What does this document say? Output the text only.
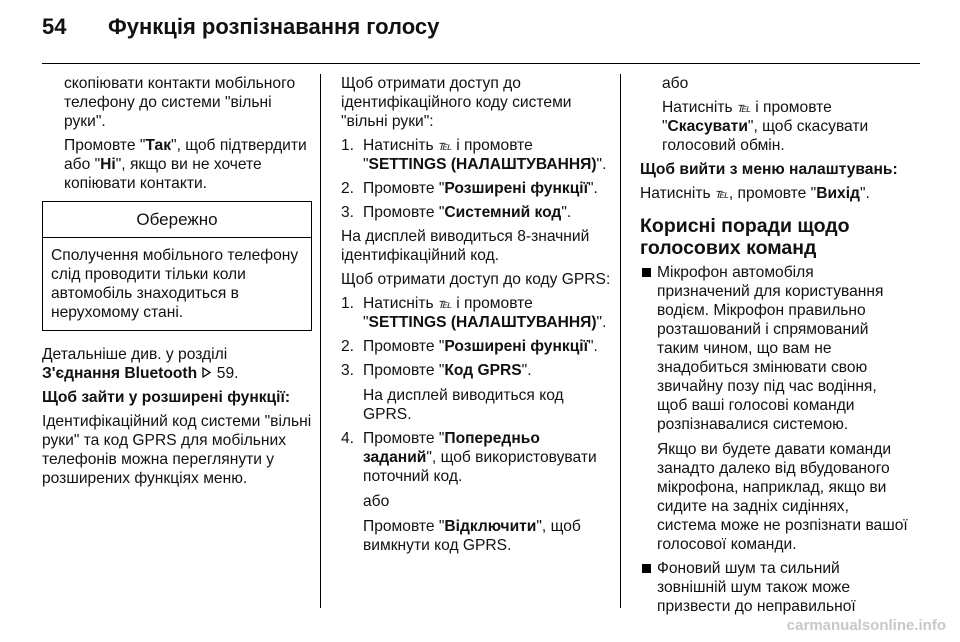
54	Функція розпізнавання голосу

скопіювати контакти мобільного телефону до системи "вільні руки".

Промовте "Так", щоб підтвердити або "Ні", якщо ви не хочете копіювати контакти.

Обережно
Сполучення мобільного телефону слід проводити тільки коли автомобіль знаходиться в нерухомому стані.

Детальніше див. у розділі
З'єднання Bluetooth 59.

Щоб зайти у розширені функції:

Ідентифікаційний код системи "вільні руки" та код GPRS для мобільних телефонів можна переглянути у розширених функціях меню.

Щоб отримати доступ до ідентифікаційного коду системи "вільні руки":

1. Натисніть ℡ і промовте "SETTINGS (НАЛАШТУВАННЯ)".
2. Промовте "Розширені функції".
3. Промовте "Системний код".

На дисплей виводиться 8-значний ідентифікаційний код.

Щоб отримати доступ до коду GPRS:

1. Натисніть ℡ і промовте "SETTINGS (НАЛАШТУВАННЯ)".
2. Промовте "Розширені функції".
3. Промовте "Код GPRS".
На дисплей виводиться код GPRS.
4. Промовте "Попередньо заданий", щоб використовувати поточний код.
або
Промовте "Відключити", щоб вимкнути код GPRS.

або

Натисніть ℡ і промовте "Скасувати", щоб скасувати голосовий обмін.

Щоб вийти з меню налаштувань:

Натисніть ℡, промовте "Вихід".

Корисні поради щодо голосових команд
Мікрофон автомобіля призначений для користування водієм. Мікрофон правильно розташований і спрямований таким чином, що вам не знадобиться змінювати свою звичайну позу під час водіння, щоб ваші голосові команди розпізнавалися системою.
Якщо ви будете давати команди занадто далеко від вбудованого мікрофона, наприклад, якщо ви сидите на задніх сидіннях, система може не розпізнати вашої голосової команди.
Фоновий шум та сильний зовнішній шум також може призвести до неправильної
carmanualsonline.info
